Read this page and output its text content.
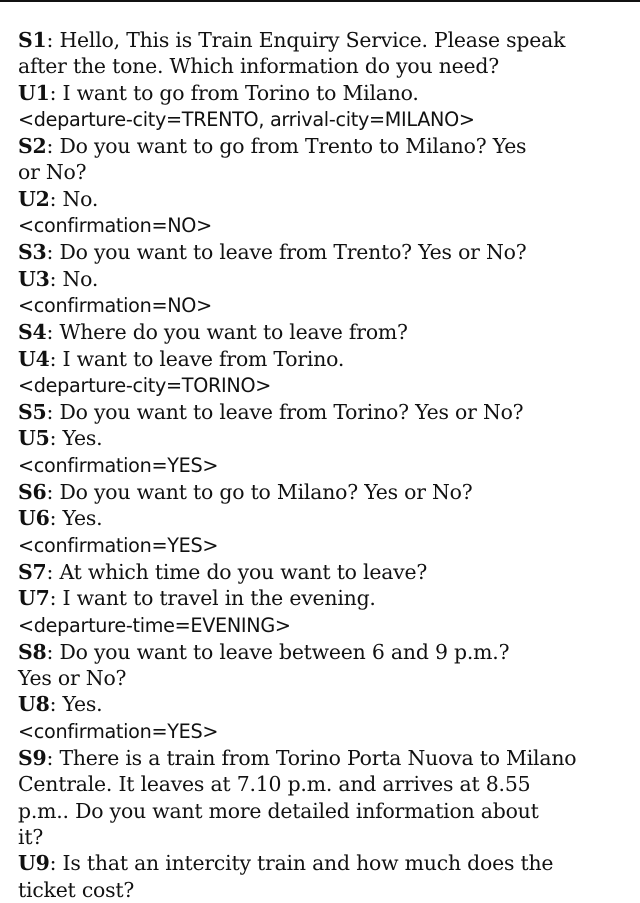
S1: Hello, This is Train Enquiry Service. Please speak
after the tone. Which information do you need?
U1: I want to go from Torino to Milano.
<departure-city=TRENTO, arrival-city=MILANO>
S2: Do you want to go from Trento to Milano? Yes
or No?
U2: No.
<confirmation=NO>
S3: Do you want to leave from Trento? Yes or No?
U3: No.
<confirmation=NO>
S4: Where do you want to leave from?
U4: I want to leave from Torino.
<departure-city=TORINO>
S5: Do you want to leave from Torino? Yes or No?
U5: Yes.
<confirmation=YES>
S6: Do you want to go to Milano? Yes or No?
U6: Yes.
<confirmation=YES>
S7: At which time do you want to leave?
U7: I want to travel in the evening.
<departure-time=EVENING>
S8: Do you want to leave between 6 and 9 p.m.?
Yes or No?
U8: Yes.
<confirmation=YES>
S9: There is a train from Torino Porta Nuova to Milano
Centrale. It leaves at 7.10 p.m. and arrives at 8.55
p.m.. Do you want more detailed information about
it?
U9: Is that an intercity train and how much does the
ticket cost?
